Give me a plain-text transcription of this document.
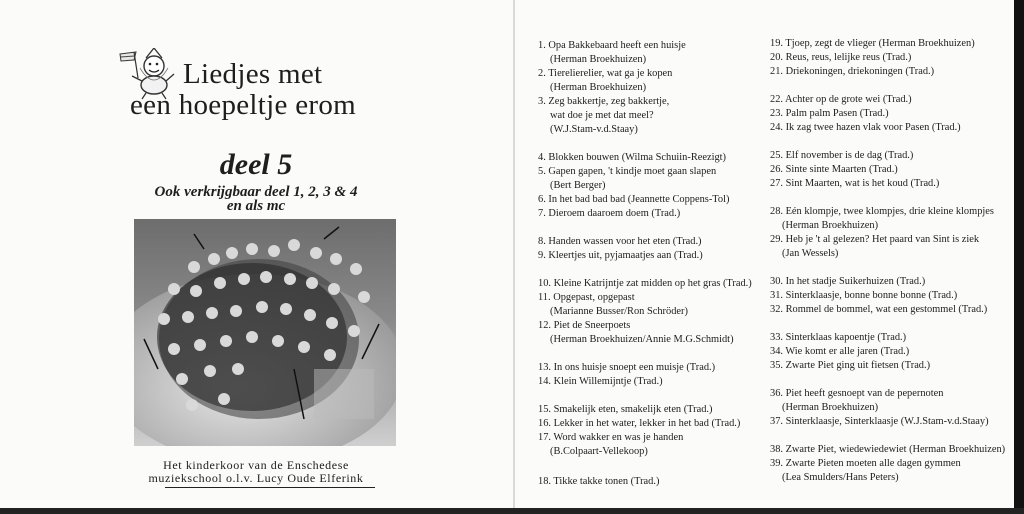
Liedjes met
een hoepeltje erom
deel 5
Ook verkrijgbaar deel 1, 2, 3 & 4
en als mc
Het kinderkoor van de Enschedese
muziekschool o.l.v. Lucy Oude Elferink
1. Opa Bakkebaard heeft een huisje
(Herman Broekhuizen)
2. Tierelierelier, wat ga je kopen
(Herman Broekhuizen)
3. Zeg bakkertje, zeg bakkertje,
wat doe je met dat meel?
(W.J.Stam-v.d.Staay)
4. Blokken bouwen (Wilma Schuiin-Reezigt)
5. Gapen gapen, 't kindje moet gaan slapen
(Bert Berger)
6. In het bad bad bad (Jeannette Coppens-Tol)
7. Dieroem daaroem doem (Trad.)
8. Handen wassen voor het eten (Trad.)
9. Kleertjes uit, pyjamaatjes aan (Trad.)
10. Kleine Katrijntje zat midden op het gras (Trad.)
11. Opgepast, opgepast
(Marianne Busser/Ron Schröder)
12. Piet de Sneerpoets
(Herman Broekhuizen/Annie M.G.Schmidt)
13. In ons huisje snoept een muisje (Trad.)
14. Klein Willemijntje (Trad.)
15. Smakelijk eten, smakelijk eten (Trad.)
16. Lekker in het water, lekker in het bad (Trad.)
17. Word wakker en was je handen
(B.Colpaart-Vellekoop)
18. Tikke takke tonen (Trad.)
19. Tjoep, zegt de vlieger (Herman Broekhuizen)
20. Reus, reus, lelijke reus (Trad.)
21. Driekoningen, driekoningen (Trad.)
22. Achter op de grote wei (Trad.)
23. Palm palm Pasen (Trad.)
24. Ik zag twee hazen vlak voor Pasen (Trad.)
25. Elf november is de dag (Trad.)
26. Sinte sinte Maarten (Trad.)
27. Sint Maarten, wat is het koud (Trad.)
28. Eén klompje, twee klompjes, drie kleine klompjes
(Herman Broekhuizen)
29. Heb je 't al gelezen? Het paard van Sint is ziek
(Jan Wessels)
30. In het stadje Suikerhuizen (Trad.)
31. Sinterklaasje, bonne bonne bonne (Trad.)
32. Rommel de bommel, wat een gestommel (Trad.)
33. Sinterklaas kapoentje (Trad.)
34. Wie komt er alle jaren (Trad.)
35. Zwarte Piet ging uit fietsen (Trad.)
36. Piet heeft gesnoept van de pepernoten
(Herman Broekhuizen)
37. Sinterklaasje, Sinterklaasje (W.J.Stam-v.d.Staay)
38. Zwarte Piet, wiedewiedewiet (Herman Broekhuizen)
39. Zwarte Pieten moeten alle dagen gymmen
(Lea Smulders/Hans Peters)
